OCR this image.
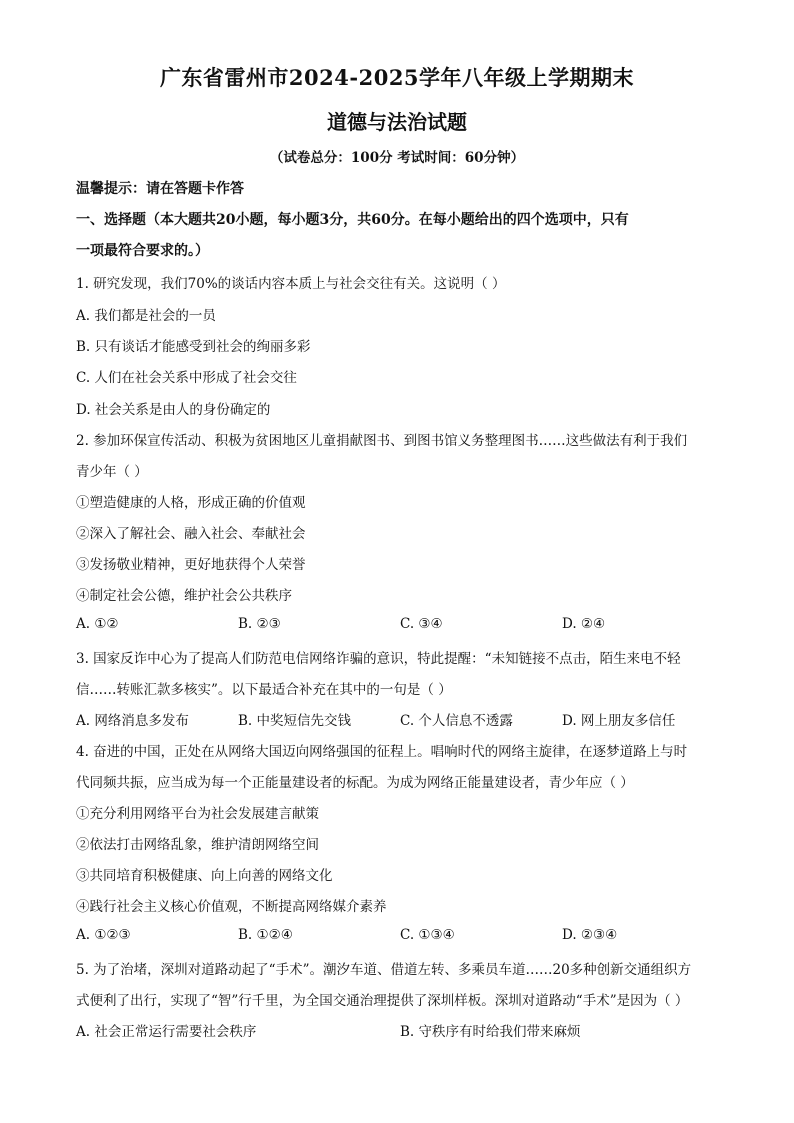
广东省雷州市2024-2025学年八年级上学期期末
道德与法治试题
（试卷总分：100分 考试时间：60分钟）
温馨提示：请在答题卡作答
一、选择题（本大题共20小题，每小题3分，共60分。在每小题给出的四个选项中，只有
一项最符合要求的。）
1. 研究发现，我们70%的谈话内容本质上与社会交往有关。这说明（ ）
A. 我们都是社会的一员
B. 只有谈话才能感受到社会的绚丽多彩
C. 人们在社会关系中形成了社会交往
D. 社会关系是由人的身份确定的
2. 参加环保宣传活动、积极为贫困地区儿童捐献图书、到图书馆义务整理图书……这些做法有利于我们
青少年（ ）
①塑造健康的人格，形成正确的价值观
②深入了解社会、融入社会、奉献社会
③发扬敬业精神，更好地获得个人荣誉
④制定社会公德，维护社会公共秩序
A. ①②	B. ②③	C. ③④	D. ②④
3. 国家反诈中心为了提高人们防范电信网络诈骗的意识，特此提醒：“未知链接不点击，陌生来电不轻
信……转账汇款多核实”。以下最适合补充在其中的一句是（ ）
A. 网络消息多发布	B. 中奖短信先交钱	C. 个人信息不透露	D. 网上朋友多信任
4. 奋进的中国，正处在从网络大国迈向网络强国的征程上。唱响时代的网络主旋律，在逐梦道路上与时
代同频共振，应当成为每一个正能量建设者的标配。为成为网络正能量建设者，青少年应（ ）
①充分利用网络平台为社会发展建言献策
②依法打击网络乱象，维护清朗网络空间
③共同培育积极健康、向上向善的网络文化
④践行社会主义核心价值观，不断提高网络媒介素养
A. ①②③	B. ①②④	C. ①③④	D. ②③④
5. 为了治堵，深圳对道路动起了“手术”。潮汐车道、借道左转、多乘员车道……20多种创新交通组织方
式便利了出行，实现了“智”行千里，为全国交通治理提供了深圳样板。深圳对道路动“手术”是因为（ ）
A. 社会正常运行需要社会秩序	B. 守秩序有时给我们带来麻烦
